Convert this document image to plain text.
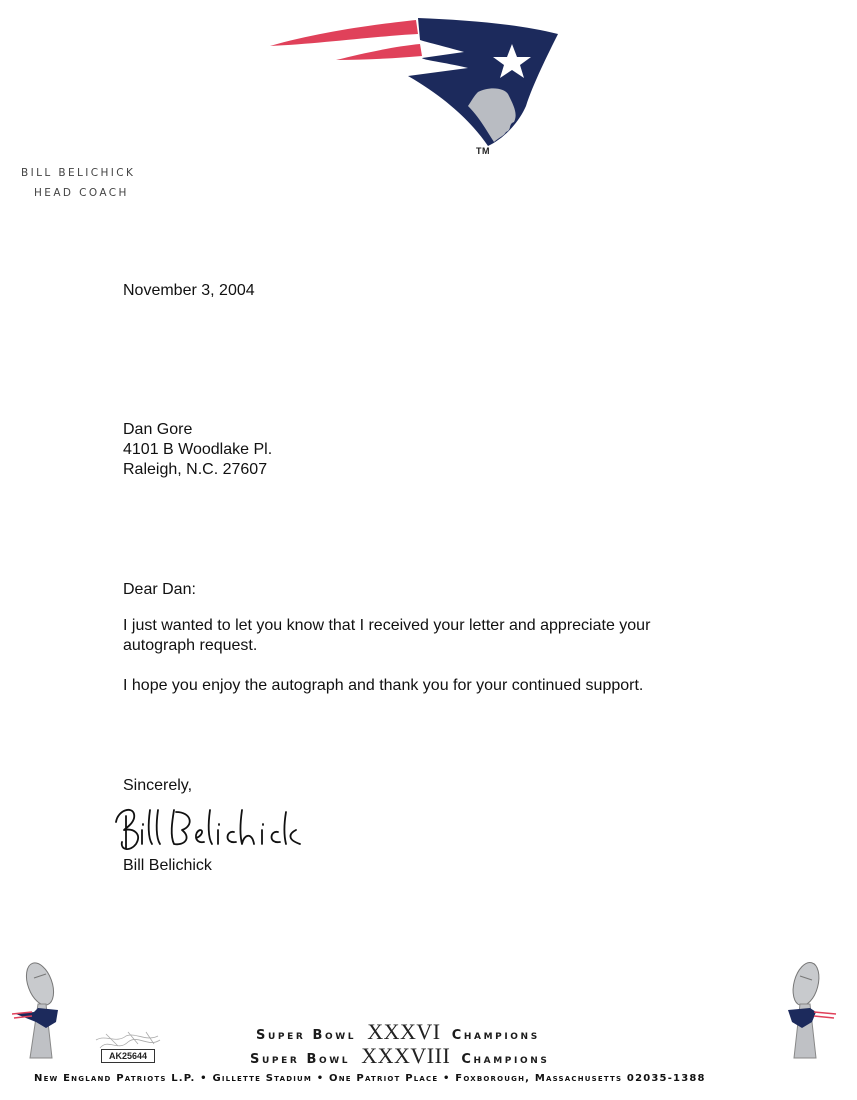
TM
BILL BELICHICK
HEAD COACH
November 3, 2004
Dan Gore
4101 B Woodlake Pl.
Raleigh, N.C. 27607
Dear Dan:
I just wanted to let you know that I received your letter and appreciate your autograph request.
I hope you enjoy the autograph and thank you for your continued support.
Sincerely,
Bill Belichick
AK25644
Super Bowl XXXVI Champions
Super Bowl XXXVIII Champions
New England Patriots L.P. • Gillette Stadium • One Patriot Place • Foxborough, Massachusetts 02035-1388
